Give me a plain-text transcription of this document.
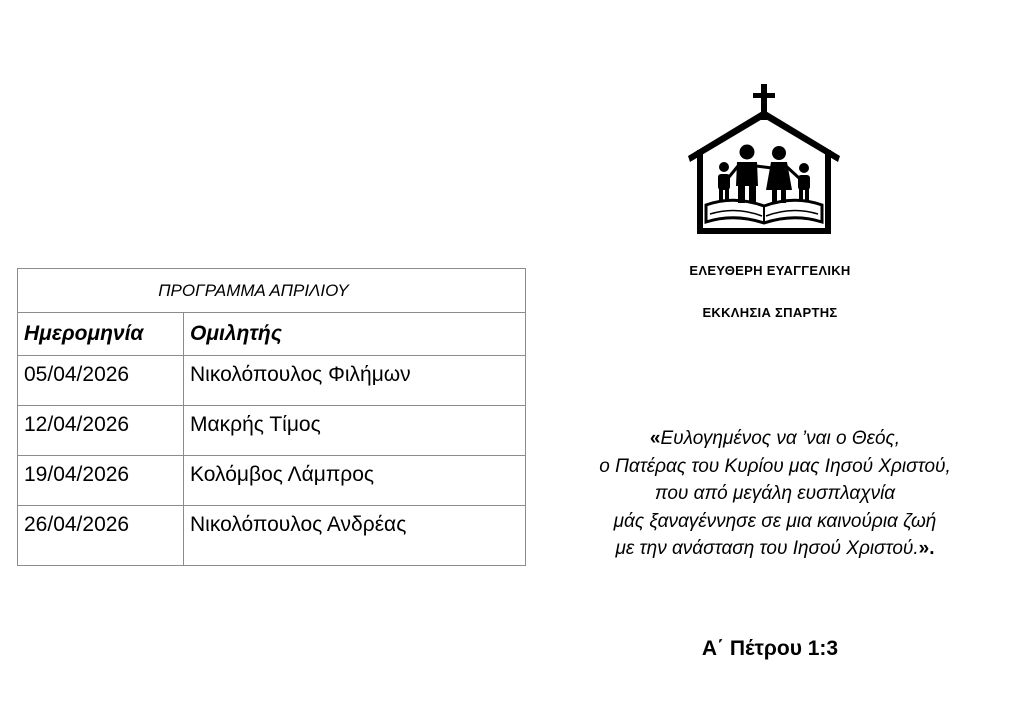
ΠΡΟΓΡΑΜΜΑ ΑΠΡΙΛΙΟΥ	
Ημερομηνία	Ομιλητής
05/04/2026	Νικολόπουλος Φιλήμων
12/04/2026	Μακρής Τίμος
19/04/2026	Κολόμβος Λάμπρος
26/04/2026	Νικολόπουλος Ανδρέας
ΕΛΕΥΘΕΡΗ ΕΥΑΓΓΕΛΙΚΗ
ΕΚΚΛΗΣΙΑ ΣΠΑΡΤΗΣ
«Ευλογημένος να ’ναι ο Θεός,
ο Πατέρας του Κυρίου μας Ιησού Χριστού,
που από μεγάλη ευσπλαχνία
μάς ξαναγέννησε σε μια καινούρια ζωή
με την ανάσταση του Ιησού Χριστού.».
Α΄ Πέτρου 1:3
